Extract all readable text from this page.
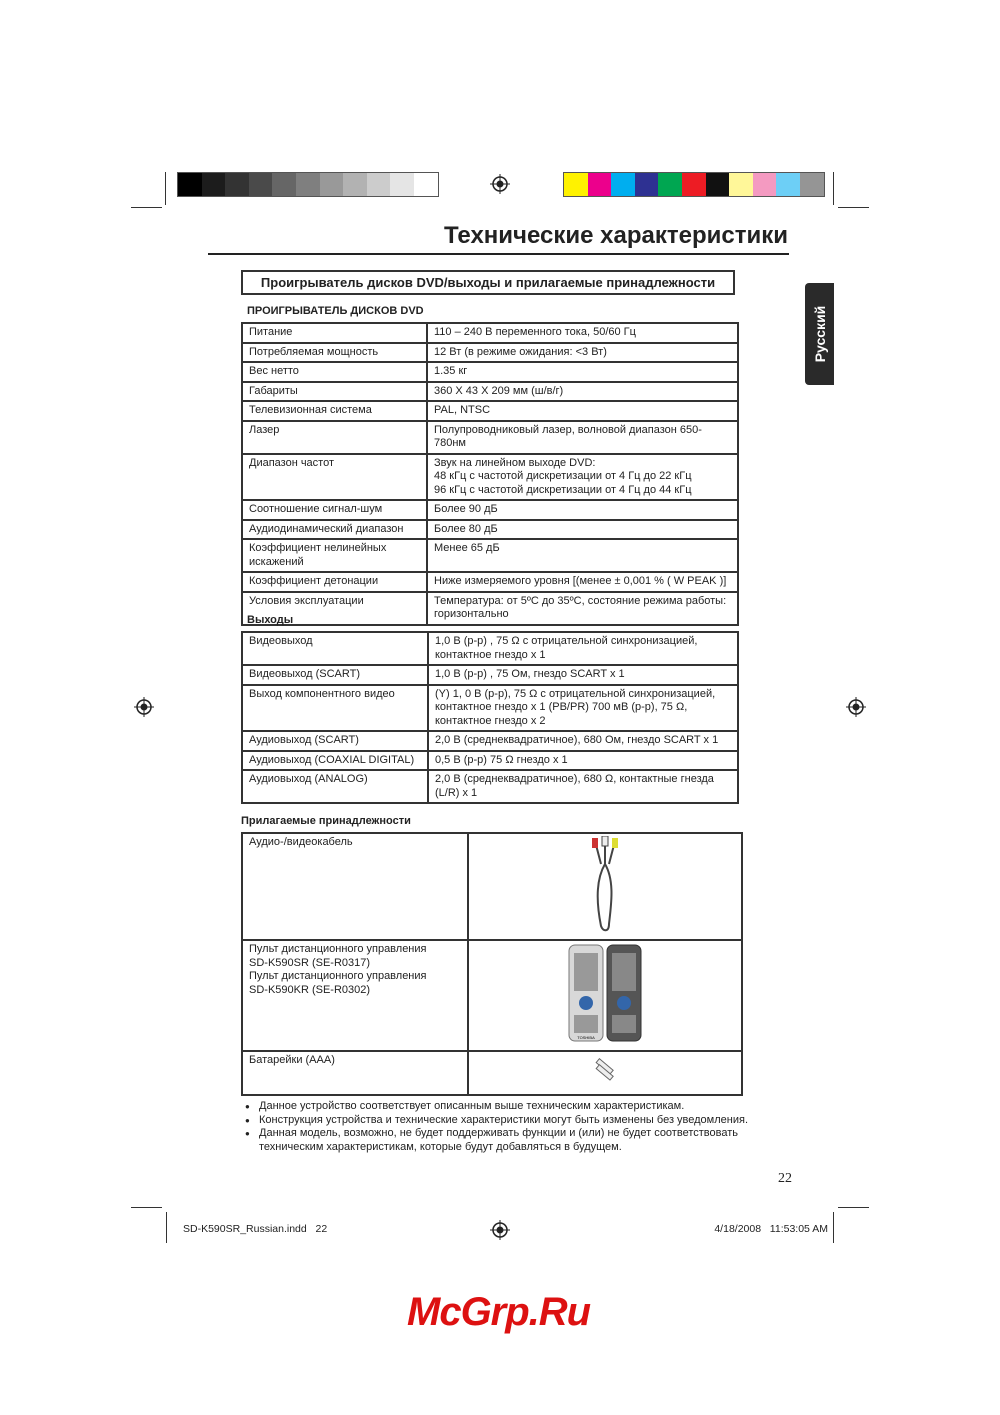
Технические характеристики
Русский
Проигрыватель дисков DVD/выходы и прилагаемые принадлежности
ПРОИГРЫВАТЕЛЬ ДИСКОВ DVD
Питание	110 – 240 В переменного тока, 50/60 Гц
Потребляемая мощность	12 Вт (в режиме ожидания: <3 Вт)
Вес нетто	1.35 кг
Габариты	360 X 43 X 209 мм (ш/в/г)
Телевизионная система	PAL, NTSC
Лазер	Полупроводниковый лазер, волновой диапазон 650-780нм
Диапазон частот	Звук на линейном выходе DVD:
48 кГц с частотой дискретизации от 4 Гц до 22 кГц
96 кГц с частотой дискретизации от 4 Гц до 44 кГц
Соотношение сигнал-шум	Более 90 дБ
Аудиодинамический диапазон	Более 80 дБ
Коэффициент нелинейных искажений	Менее 65 дБ
Коэффициент детонации	Ниже измеряемого уровня [(менее ± 0,001 % ( W PEAK )]
Условия эксплуатации	Температура: от 5ºC до 35ºC, состояние режима работы: горизонтально
Выходы
Видеовыход	1,0 В (p-p) , 75 Ω с отрицательной синхронизацией, контактное гнездо x 1
Видеовыход (SCART)	1,0 В (p-p) , 75 Ом, гнездо SCART x 1
Выход компонентного видео	(Y) 1, 0 В (p-p), 75 Ω с отрицательной синхронизацией, контактное гнездо x 1 (PB/PR) 700 мВ (p-p), 75 Ω, контактное гнездо x 2
Аудиовыход (SCART)	2,0 В (среднеквадратичное), 680 Ом, гнездо SCART x 1
Аудиовыход (COAXIAL DIGITAL)	0,5 В (p-p) 75 Ω гнездо x 1
Аудиовыход (ANALOG)	2,0 В (среднеквадратичное), 680 Ω, контактные гнезда (L/R) x 1
Прилагаемые принадлежности
Аудио-/видеокабель	
Пульт дистанционного управления
SD-K590SR (SE-R0317)
Пульт дистанционного управления
SD-K590KR (SE-R0302)	TOSHIBA

Батарейки (AAA)	
● Данное устройство соответствует описанным выше техническим характеристикам.
● Конструкция устройства и технические характеристики могут быть изменены без уведомления.
● Данная модель, возможно, не будет поддерживать функции и (или) не будет соответствовать техническим характеристикам, которые будут добавляться в будущем.
22
SD-K590SR_Russian.indd   22	4/18/2008   11:53:05 AM
McGrp.Ru
